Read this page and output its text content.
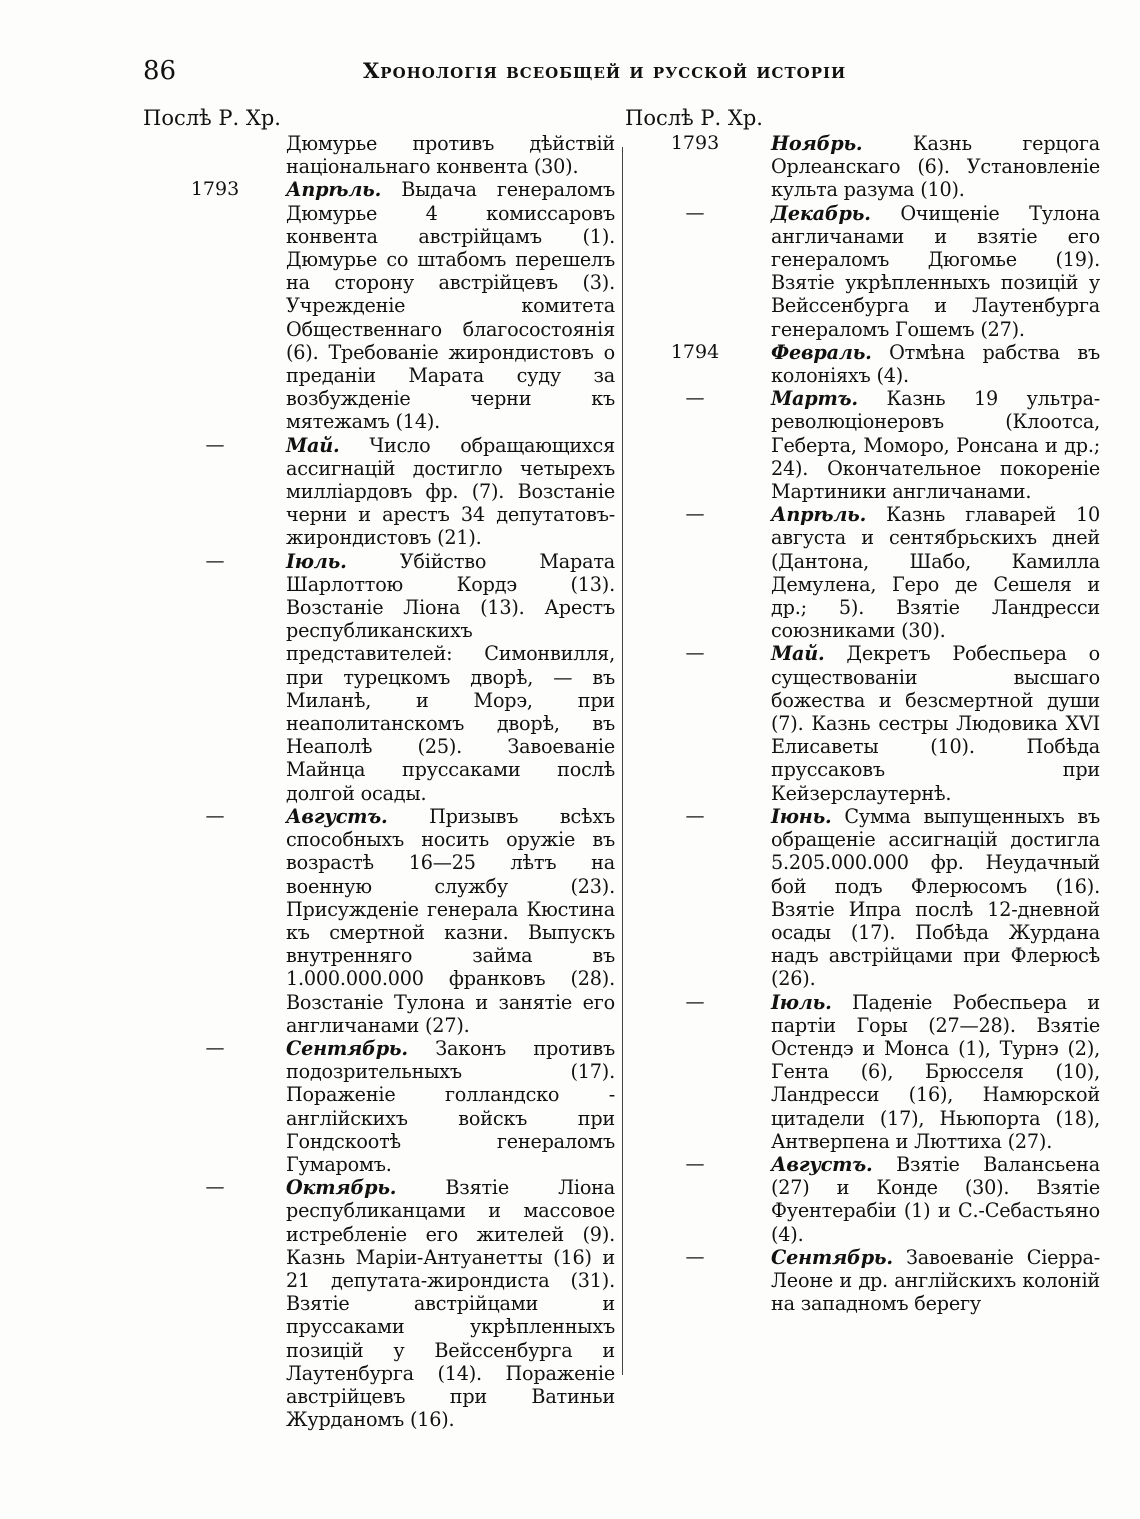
86	Хронологія всеобщей и русской исторіи
Послѣ Р. Хр.
Дюмурье противъ дѣйствій національнаго конвента (30).
1793	Апрѣль. Выдача генераломъ Дюмурье 4 комиссаровъ конвента австрійцамъ (1). Дюмурье со штабомъ перешелъ на сторону австрійцевъ (3). Учрежденіе комитета Общественнаго благосостоянія (6). Требованіе жирондистовъ о преданіи Марата суду за возбужденіе черни къ мятежамъ (14).
—	Май. Число обращающихся ассигнацій достигло четырехъ милліардовъ фр. (7). Возстаніе черни и арестъ 34 депутатовъ-жирондистовъ (21).
—	Іюль.	Убійство Марата Шарлоттою Кордэ (13). Возстаніе Ліона (13). Арестъ республиканскихъ представителей: Симонвилля, при турецкомъ дворѣ, — въ Миланѣ, и Морэ, при неаполитанскомъ дворѣ, въ Неаполѣ (25). Завоеваніе Майнца пруссаками послѣ долгой осады.
—	Августъ. Призывъ всѣхъ способныхъ носить оружіе въ возрастѣ 16—25 лѣтъ на военную службу (23). Присужденіе генерала Кюстина къ смертной казни. Выпускъ внутренняго займа въ 1.000.000.000 франковъ (28). Возстаніе Тулона и занятіе его англичанами (27).
—	Сентябрь. Законъ противъ подозрительныхъ (17). Пораженіе голландско - англійскихъ войскъ при Гондскоотѣ генераломъ Гумаромъ.
—	Октябрь.	Взятіе Ліона республиканцами и массовое истребленіе его жителей (9). Казнь Маріи-Антуанетты (16) и 21 депутата-жирондиста (31). Взятіе австрійцами и пруссаками укрѣпленныхъ позицій у Вейссенбурга и Лаутенбурга (14). Пораженіе австрійцевъ при Ватиньи Журданомъ (16).
Послѣ Р. Хр.
1793	Ноябрь.	Казнь герцога Орлеанскаго (6). Установленіе культа разума (10).
—	Декабрь. Очищеніе Тулона англичанами и взятіе его генераломъ Дюгомье (19). Взятіе укрѣпленныхъ позицій у Вейссенбурга и Лаутенбурга генераломъ Гошемъ (27).
1794	Февраль. Отмѣна рабства въ колоніяхъ (4).
—	Мартъ. Казнь 19 ультра-революціонеровъ (Клоотса, Геберта, Моморо, Ронсана и др.; 24). Окончательное покореніе Мартиники англичанами.
—	Апрѣль. Казнь главарей 10 августа и сентябрьскихъ дней (Дантона, Шабо, Камилла Демулена, Геро де Сешеля и др.; 5). Взятіе Ландресси союзниками (30).
—	Май. Декретъ Робеспьера о существованіи высшаго божества и безсмертной души (7). Казнь сестры Людовика XVI Елисаветы (10). Побѣда пруссаковъ при Кейзерслаутернѣ.
—	Іюнь. Сумма выпущенныхъ въ обращеніе ассигнацій достигла 5.205.000.000 фр. Неудачный бой подъ Флерюсомъ (16). Взятіе Ипра послѣ 12-дневной осады (17). Побѣда Журдана надъ австрійцами при Флерюсѣ (26).
—	Іюль. Паденіе Робеспьера и партіи Горы (27—28). Взятіе Остендэ и Монса (1), Турнэ (2), Гента (6), Брюсселя (10), Ландресси (16), Намюрской цитадели (17), Ньюпорта (18), Антверпена и Люттиха (27).
—	Августъ. Взятіе Валансьена (27) и Конде (30). Взятіе Фуентерабіи (1) и С.-Себастьяно (4).
—	Сентябрь. Завоеваніе Сіерра-Леоне и др. англійскихъ колоній на западномъ берегу
